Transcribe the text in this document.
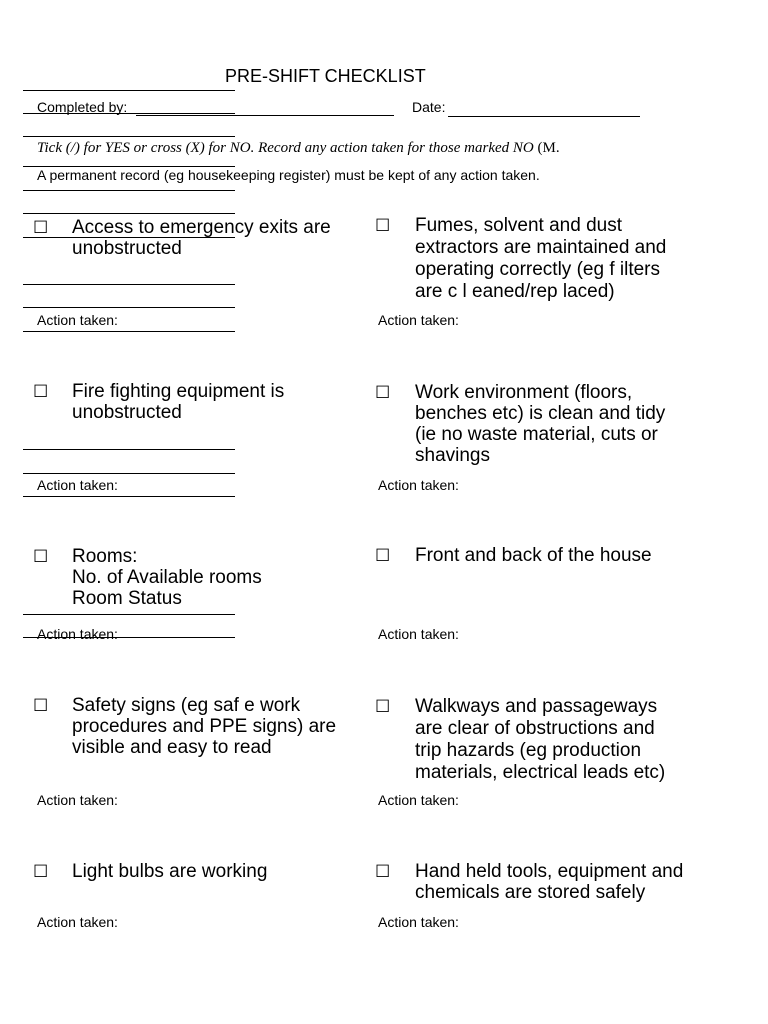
PRE-SHIFT CHECKLIST
Completed by:	Date:
Tick (/) for YES or cross (X) for NO. Record any action taken for those marked NO (M.
A permanent record (eg housekeeping register) must be kept of any action taken.
☐ Access to emergency exits are
unobstructed
Action taken:
☐ Fire fighting equipment is
unobstructed
Action taken:
☐ Rooms:
No. of Available rooms
Room Status
Action taken:
☐ Safety signs (eg saf e work
procedures and PPE signs) are
visible and easy to read
Action taken:
☐ Light bulbs are working
Action taken:
☐ Fumes, solvent and dust
extractors are maintained and
operating correctly (eg f ilters
are c l eaned/rep laced)
Action taken:
☐ Work environment (floors,
benches etc) is clean and tidy
(ie no waste material, cuts or
shavings
Action taken:
☐ Front and back of the house
Action taken:
☐ Walkways and passageways
are clear of obstructions and
trip hazards (eg production
materials, electrical leads etc)
Action taken:
☐ Hand held tools, equipment and
chemicals are stored safely
Action taken:
